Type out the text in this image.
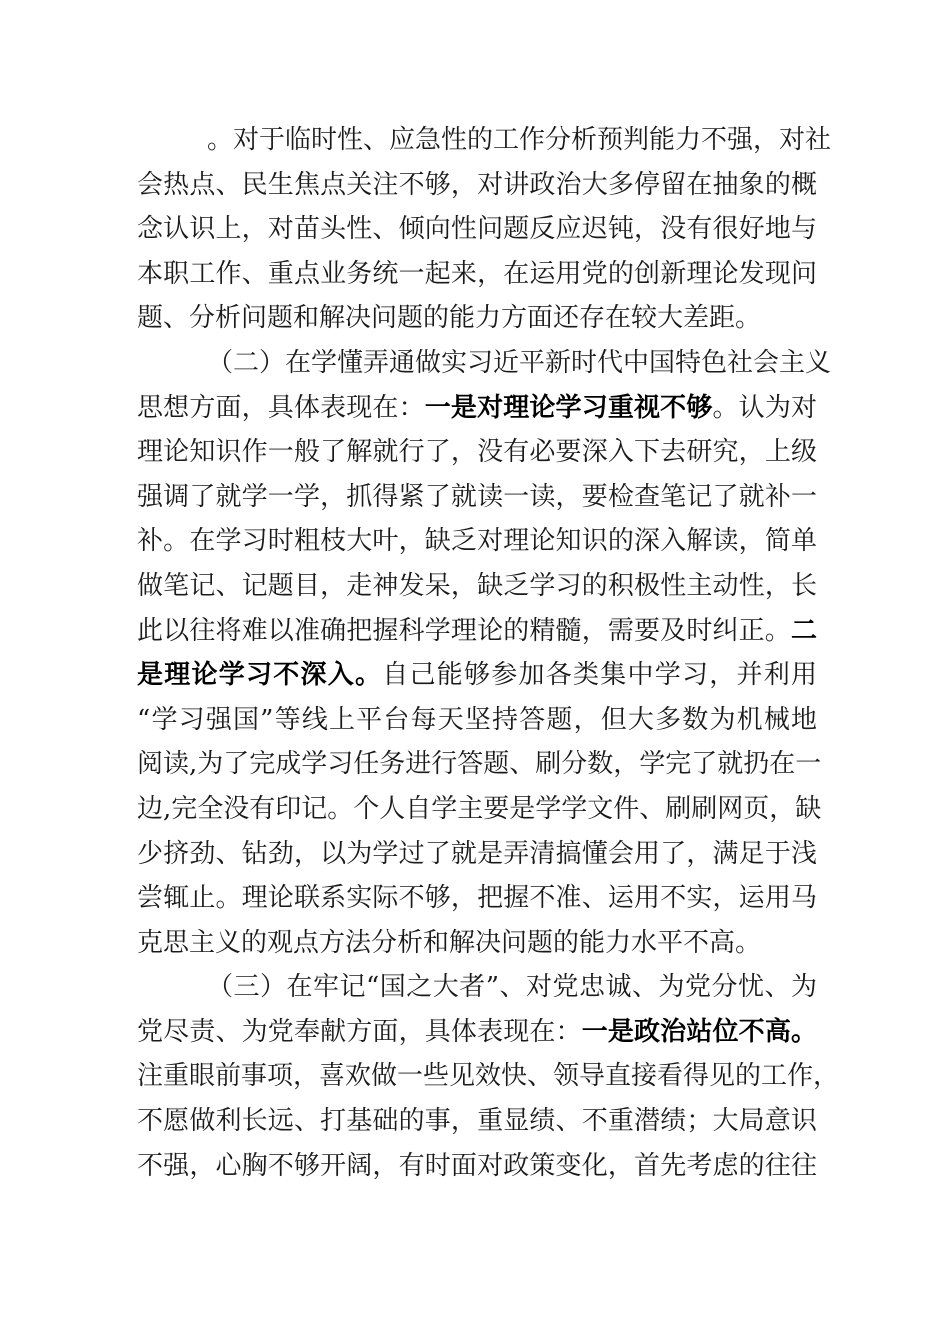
。对于临时性、应急性的工作分析预判能力不强，对社
会热点、民生焦点关注不够，对讲政治大多停留在抽象的概
念认识上，对苗头性、倾向性问题反应迟钝，没有很好地与
本职工作、重点业务统一起来，在运用党的创新理论发现问
题、分析问题和解决问题的能力方面还存在较大差距。
（二）在学懂弄通做实习近平新时代中国特色社会主义
思想方面，具体表现在：一是对理论学习重视不够。认为对
理论知识作一般了解就行了，没有必要深入下去研究，上级
强调了就学一学，抓得紧了就读一读，要检查笔记了就补一
补。在学习时粗枝大叶，缺乏对理论知识的深入解读，简单
做笔记、记题目，走神发呆，缺乏学习的积极性主动性，长
此以往将难以准确把握科学理论的精髓，需要及时纠正。二
是理论学习不深入。自己能够参加各类集中学习，并利用
“学习强国”等线上平台每天坚持答题，但大多数为机械地
阅读,为了完成学习任务进行答题、刷分数，学完了就扔在一
边,完全没有印记。个人自学主要是学学文件、刷刷网页，缺
少挤劲、钻劲，以为学过了就是弄清搞懂会用了，满足于浅
尝辄止。理论联系实际不够，把握不准、运用不实，运用马
克思主义的观点方法分析和解决问题的能力水平不高。
（三）在牢记“国之大者”、对党忠诚、为党分忧、为
党尽责、为党奉献方面，具体表现在：一是政治站位不高。
注重眼前事项，喜欢做一些见效快、领导直接看得见的工作，
不愿做利长远、打基础的事，重显绩、不重潜绩；大局意识
不强，心胸不够开阔，有时面对政策变化，首先考虑的往往
